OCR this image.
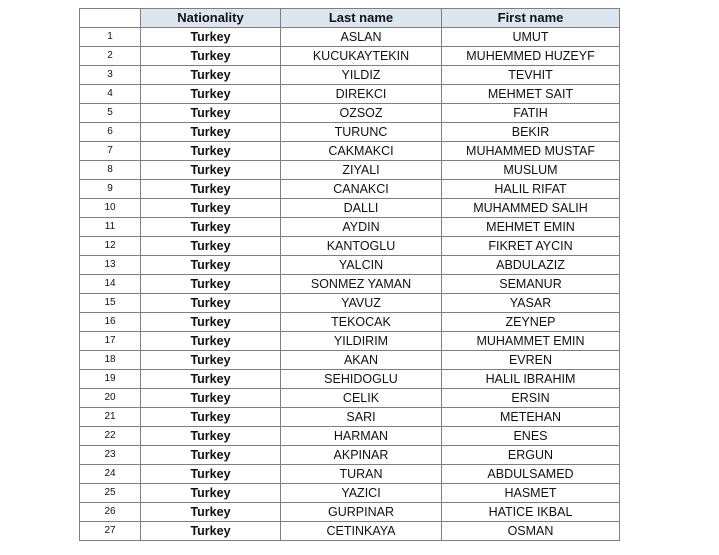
	Nationality	Last name	First name
1	Turkey	ASLAN	UMUT
2	Turkey	KUCUKAYTEKIN	MUHEMMED HUZEYF
3	Turkey	YILDIZ	TEVHIT
4	Turkey	DIREKCI	MEHMET SAIT
5	Turkey	OZSOZ	FATIH
6	Turkey	TURUNC	BEKIR
7	Turkey	CAKMAKCI	MUHAMMED MUSTAF
8	Turkey	ZIYALI	MUSLUM
9	Turkey	CANAKCI	HALIL RIFAT
10	Turkey	DALLI	MUHAMMED SALIH
11	Turkey	AYDIN	MEHMET EMIN
12	Turkey	KANTOGLU	FIKRET AYCIN
13	Turkey	YALCIN	ABDULAZIZ
14	Turkey	SONMEZ YAMAN	SEMANUR
15	Turkey	YAVUZ	YASAR
16	Turkey	TEKOCAK	ZEYNEP
17	Turkey	YILDIRIM	MUHAMMET EMIN
18	Turkey	AKAN	EVREN
19	Turkey	SEHIDOGLU	HALIL IBRAHIM
20	Turkey	CELIK	ERSIN
21	Turkey	SARI	METEHAN
22	Turkey	HARMAN	ENES
23	Turkey	AKPINAR	ERGUN
24	Turkey	TURAN	ABDULSAMED
25	Turkey	YAZICI	HASMET
26	Turkey	GURPINAR	HATICE IKBAL
27	Turkey	CETINKAYA	OSMAN
